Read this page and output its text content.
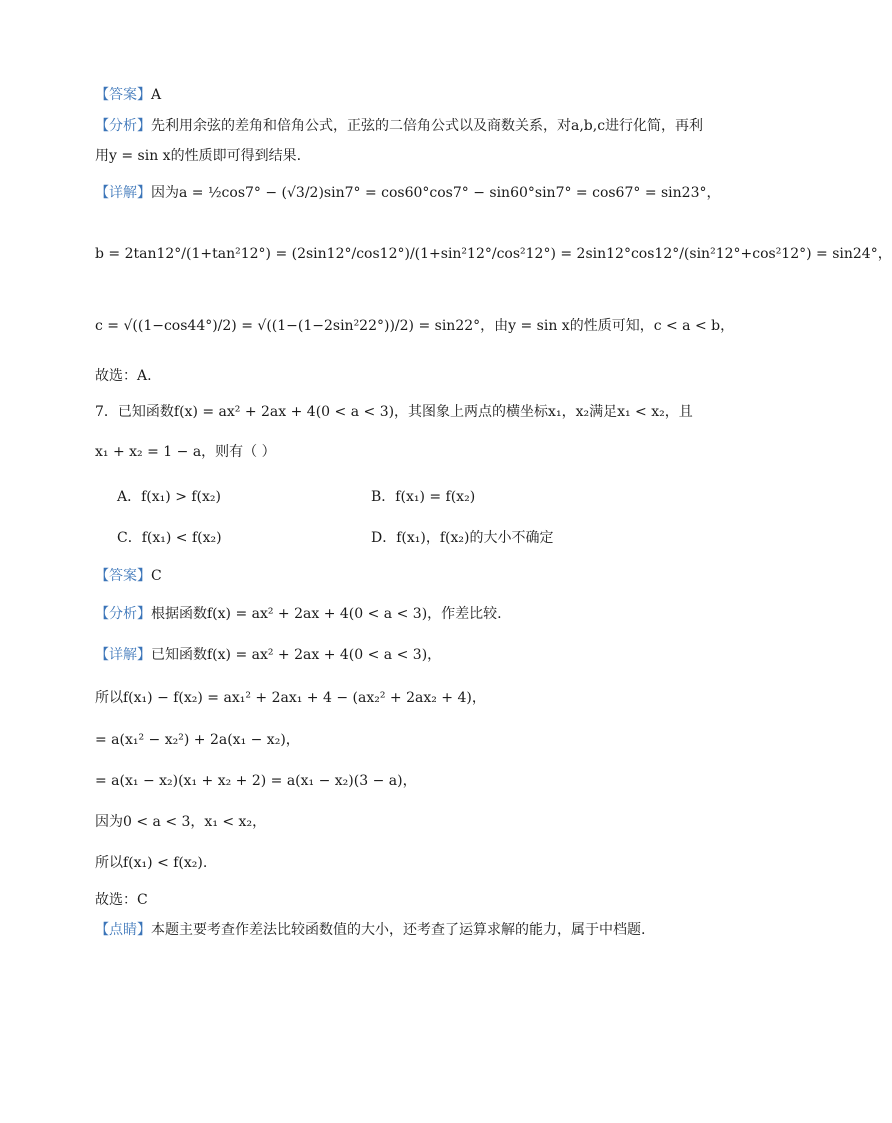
【答案】A
【分析】先利用余弦的差角和倍角公式，正弦的二倍角公式以及商数关系，对a,b,c进行化简，再利
用y = sin x的性质即可得到结果.
【详解】因为a = ½cos7° − (√3/2)sin7° = cos60°cos7° − sin60°sin7° = cos67° = sin23°，
b = 2tan12°/(1+tan²12°) = (2sin12°/cos12°)/(1+sin²12°/cos²12°) = 2sin12°cos12°/(sin²12°+cos²12°) = sin24°，
c = √((1−cos44°)/2) = √((1−(1−2sin²22°))/2) = sin22°，由y = sin x的性质可知，c < a < b，
故选：A.
7．已知函数f(x) = ax² + 2ax + 4(0 < a < 3)，其图象上两点的横坐标x₁，x₂满足x₁ < x₂，且
x₁ + x₂ = 1 − a，则有（ ）
A．f(x₁) > f(x₂)	B．f(x₁) = f(x₂)
C．f(x₁) < f(x₂)	D．f(x₁)，f(x₂)的大小不确定
【答案】C
【分析】根据函数f(x) = ax² + 2ax + 4(0 < a < 3)，作差比较.
【详解】已知函数f(x) = ax² + 2ax + 4(0 < a < 3)，
所以f(x₁) − f(x₂) = ax₁² + 2ax₁ + 4 − (ax₂² + 2ax₂ + 4)，
= a(x₁² − x₂²) + 2a(x₁ − x₂)，
= a(x₁ − x₂)(x₁ + x₂ + 2) = a(x₁ − x₂)(3 − a)，
因为0 < a < 3，x₁ < x₂，
所以f(x₁) < f(x₂).
故选：C
【点睛】本题主要考查作差法比较函数值的大小，还考查了运算求解的能力，属于中档题.
